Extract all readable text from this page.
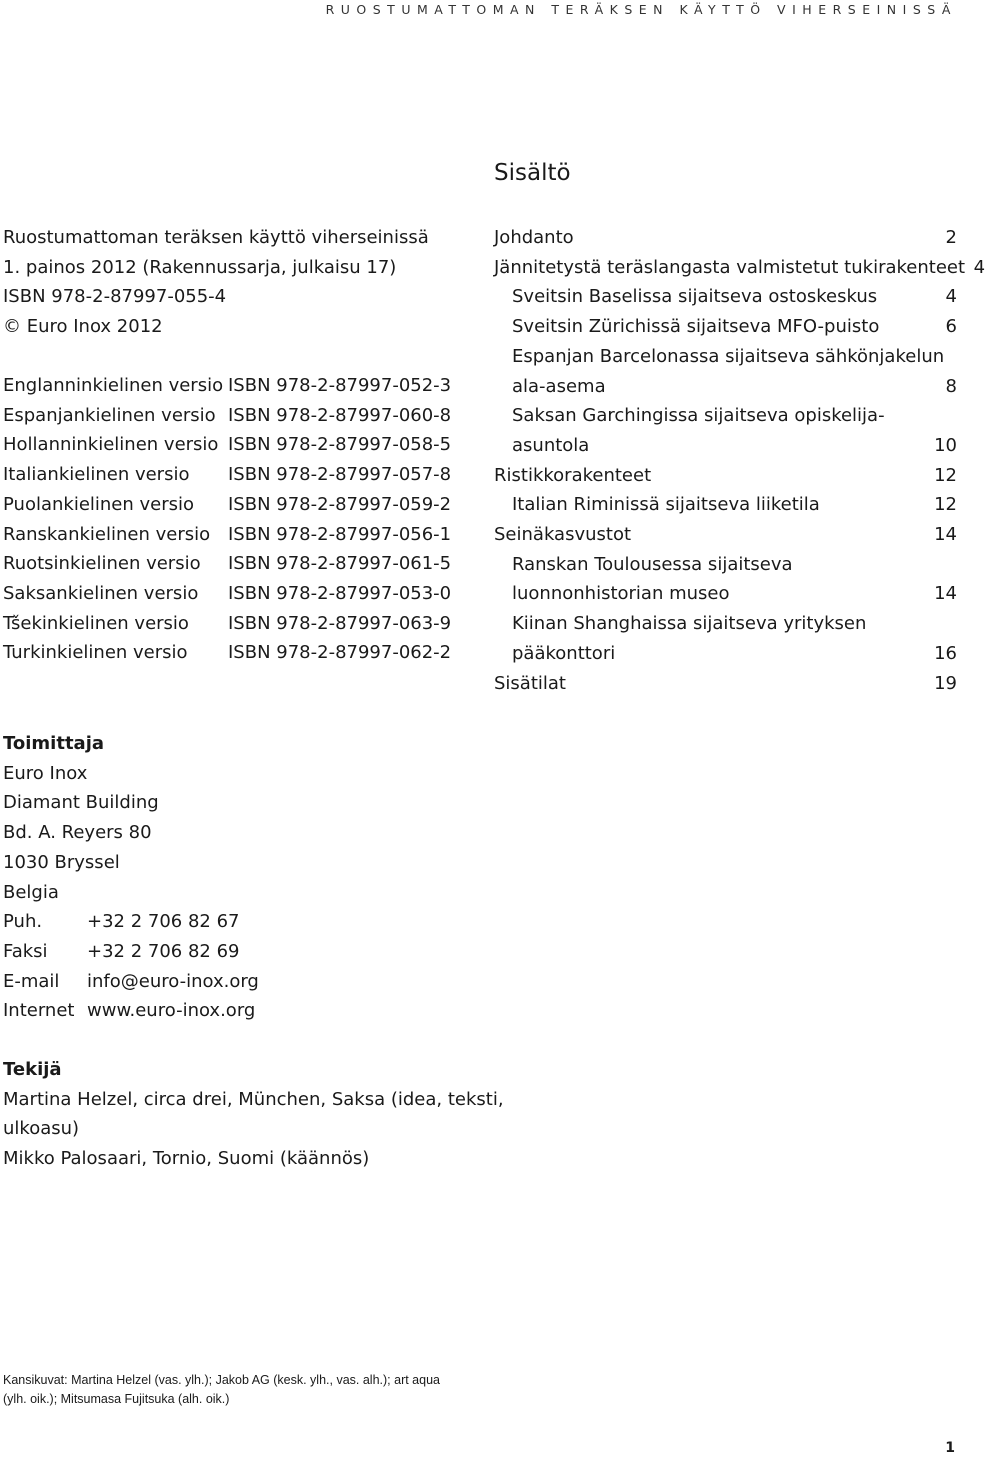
RUOSTUMATTOMAN TERÄKSEN KÄYTTÖ VIHERSEINISSÄ
Sisältö
Ruostumattoman teräksen käyttö viherseinissä
1. painos 2012 (Rakennussarja, julkaisu 17)
ISBN 978-2-87997-055-4
© Euro Inox 2012
Englanninkielinen versio ISBN 978-2-87997-052-3
Espanjankielinen versio ISBN 978-2-87997-060-8
Hollanninkielinen versio ISBN 978-2-87997-058-5
Italiankielinen versio	ISBN 978-2-87997-057-8
Puolankielinen versio	ISBN 978-2-87997-059-2
Ranskankielinen versio ISBN 978-2-87997-056-1
Ruotsinkielinen versio	ISBN 978-2-87997-061-5
Saksankielinen versio	ISBN 978-2-87997-053-0
Tšekinkielinen versio	ISBN 978-2-87997-063-9
Turkinkielinen versio	ISBN 978-2-87997-062-2
Johdanto	2
Jännitetystä teräslangasta valmistetut tukirakenteet 4
Sveitsin Baselissa sijaitseva ostoskeskus	4
Sveitsin Zürichissä sijaitseva MFO-puisto	6
Espanjan Barcelonassa sijaitseva sähkönjakelun
ala-asema	8
Saksan Garchingissa sijaitseva opiskelija-
asuntola	10
Ristikkorakenteet	12
Italian Riminissä sijaitseva liiketila	12
Seinäkasvustot	14
Ranskan Toulousessa sijaitseva
luonnonhistorian museo	14
Kiinan Shanghaissa sijaitseva yrityksen
pääkonttori	16
Sisätilat	19
Toimittaja
Euro Inox
Diamant Building
Bd. A. Reyers 80
1030 Bryssel
Belgia
Puh.	+32 2 706 82 67
Faksi	+32 2 706 82 69
E-mail	info@euro-inox.org
Internet www.euro-inox.org
Tekijä
Martina Helzel, circa drei, München, Saksa (idea, teksti,
ulkoasu)
Mikko Palosaari, Tornio, Suomi (käännös)
Kansikuvat: Martina Helzel (vas. ylh.); Jakob AG (kesk. ylh., vas. alh.); art aqua
(ylh. oik.); Mitsumasa Fujitsuka (alh. oik.)
1
